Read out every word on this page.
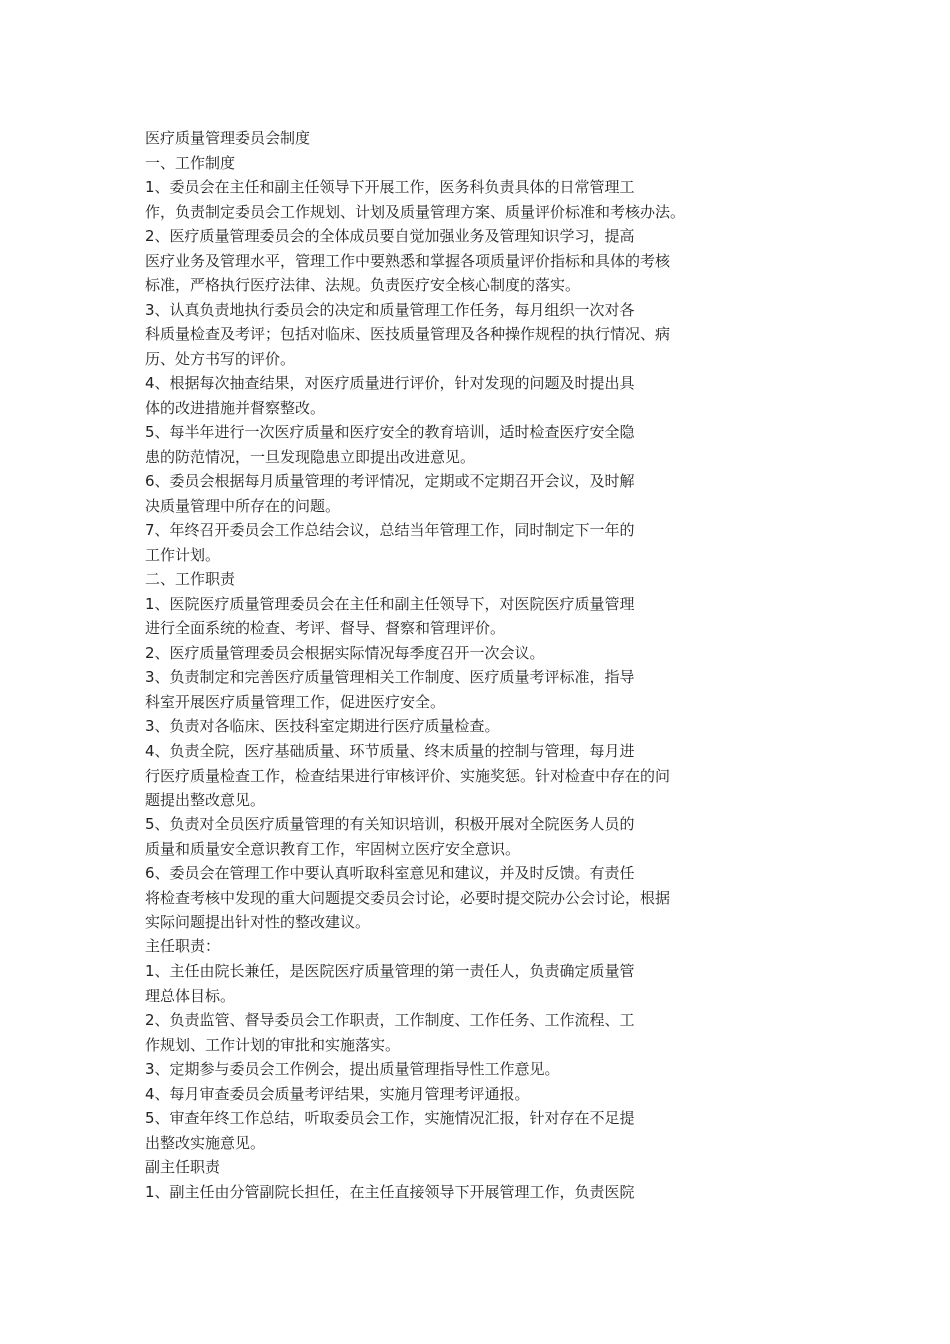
医疗质量管理委员会制度
一、工作制度
1、委员会在主任和副主任领导下开展工作，医务科负责具体的日常管理工
作，负责制定委员会工作规划、计划及质量管理方案、质量评价标准和考核办法。
2、医疗质量管理委员会的全体成员要自觉加强业务及管理知识学习，提高
医疗业务及管理水平，管理工作中要熟悉和掌握各项质量评价指标和具体的考核
标准，严格执行医疗法律、法规。负责医疗安全核心制度的落实。
3、认真负责地执行委员会的决定和质量管理工作任务，每月组织一次对各
科质量检查及考评；包括对临床、医技质量管理及各种操作规程的执行情况、病
历、处方书写的评价。
4、根据每次抽查结果，对医疗质量进行评价，针对发现的问题及时提出具
体的改进措施并督察整改。
5、每半年进行一次医疗质量和医疗安全的教育培训，适时检查医疗安全隐
患的防范情况，一旦发现隐患立即提出改进意见。
6、委员会根据每月质量管理的考评情况，定期或不定期召开会议，及时解
决质量管理中所存在的问题。
7、年终召开委员会工作总结会议，总结当年管理工作，同时制定下一年的
工作计划。
二、工作职责
1、医院医疗质量管理委员会在主任和副主任领导下，对医院医疗质量管理
进行全面系统的检查、考评、督导、督察和管理评价。
2、医疗质量管理委员会根据实际情况每季度召开一次会议。
3、负责制定和完善医疗质量管理相关工作制度、医疗质量考评标准，指导
科室开展医疗质量管理工作，促进医疗安全。
3、负责对各临床、医技科室定期进行医疗质量检查。
4、负责全院，医疗基础质量、环节质量、终末质量的控制与管理，每月进
行医疗质量检查工作，检查结果进行审核评价、实施奖惩。针对检查中存在的问
题提出整改意见。
5、负责对全员医疗质量管理的有关知识培训，积极开展对全院医务人员的
质量和质量安全意识教育工作，牢固树立医疗安全意识。
6、委员会在管理工作中要认真听取科室意见和建议，并及时反馈。有责任
将检查考核中发现的重大问题提交委员会讨论，必要时提交院办公会讨论，根据
实际问题提出针对性的整改建议。
主任职责：
1、主任由院长兼任，是医院医疗质量管理的第一责任人，负责确定质量管
理总体目标。
2、负责监管、督导委员会工作职责，工作制度、工作任务、工作流程、工
作规划、工作计划的审批和实施落实。
3、定期参与委员会工作例会，提出质量管理指导性工作意见。
4、每月审查委员会质量考评结果，实施月管理考评通报。
5、审查年终工作总结，听取委员会工作，实施情况汇报，针对存在不足提
出整改实施意见。
副主任职责
1、副主任由分管副院长担任，在主任直接领导下开展管理工作，负责医院
